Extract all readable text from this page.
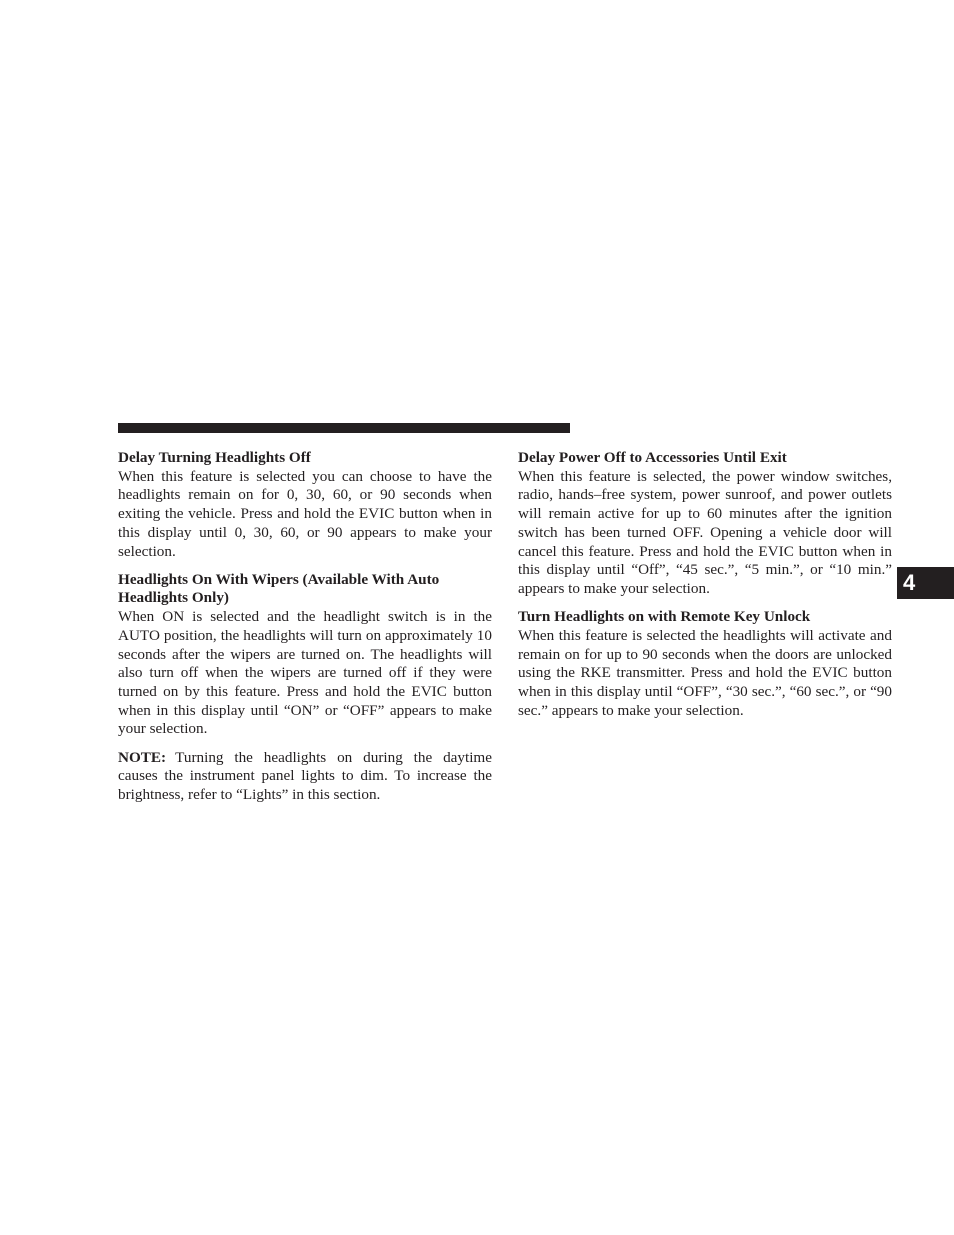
Delay Turning Headlights Off

When this feature is selected you can choose to have the headlights remain on for 0, 30, 60, or 90 seconds when exiting the vehicle. Press and hold the EVIC button when in this display until 0, 30, 60, or 90 appears to make your selection.

Headlights On With Wipers (Available With Auto Headlights Only)

When ON is selected and the headlight switch is in the AUTO position, the headlights will turn on approximately 10 seconds after the wipers are turned on. The headlights will also turn off when the wipers are turned off if they were turned on by this feature. Press and hold the EVIC button when in this display until “ON” or “OFF” appears to make your selection.

NOTE: Turning the headlights on during the daytime causes the instrument panel lights to dim. To increase the brightness, refer to “Lights” in this section.

Delay Power Off to Accessories Until Exit

When this feature is selected, the power window switches, radio, hands–free system, power sunroof, and power outlets will remain active for up to 60 minutes after the ignition switch has been turned OFF. Opening a vehicle door will cancel this feature. Press and hold the EVIC button when in this display until “Off”, “45 sec.”, “5 min.”, or “10 min.” appears to make your selection.

Turn Headlights on with Remote Key Unlock

When this feature is selected the headlights will activate and remain on for up to 90 seconds when the doors are unlocked using the RKE transmitter. Press and hold the EVIC button when in this display until “OFF”, “30 sec.”, “60 sec.”, or “90 sec.” appears to make your selection.

4
